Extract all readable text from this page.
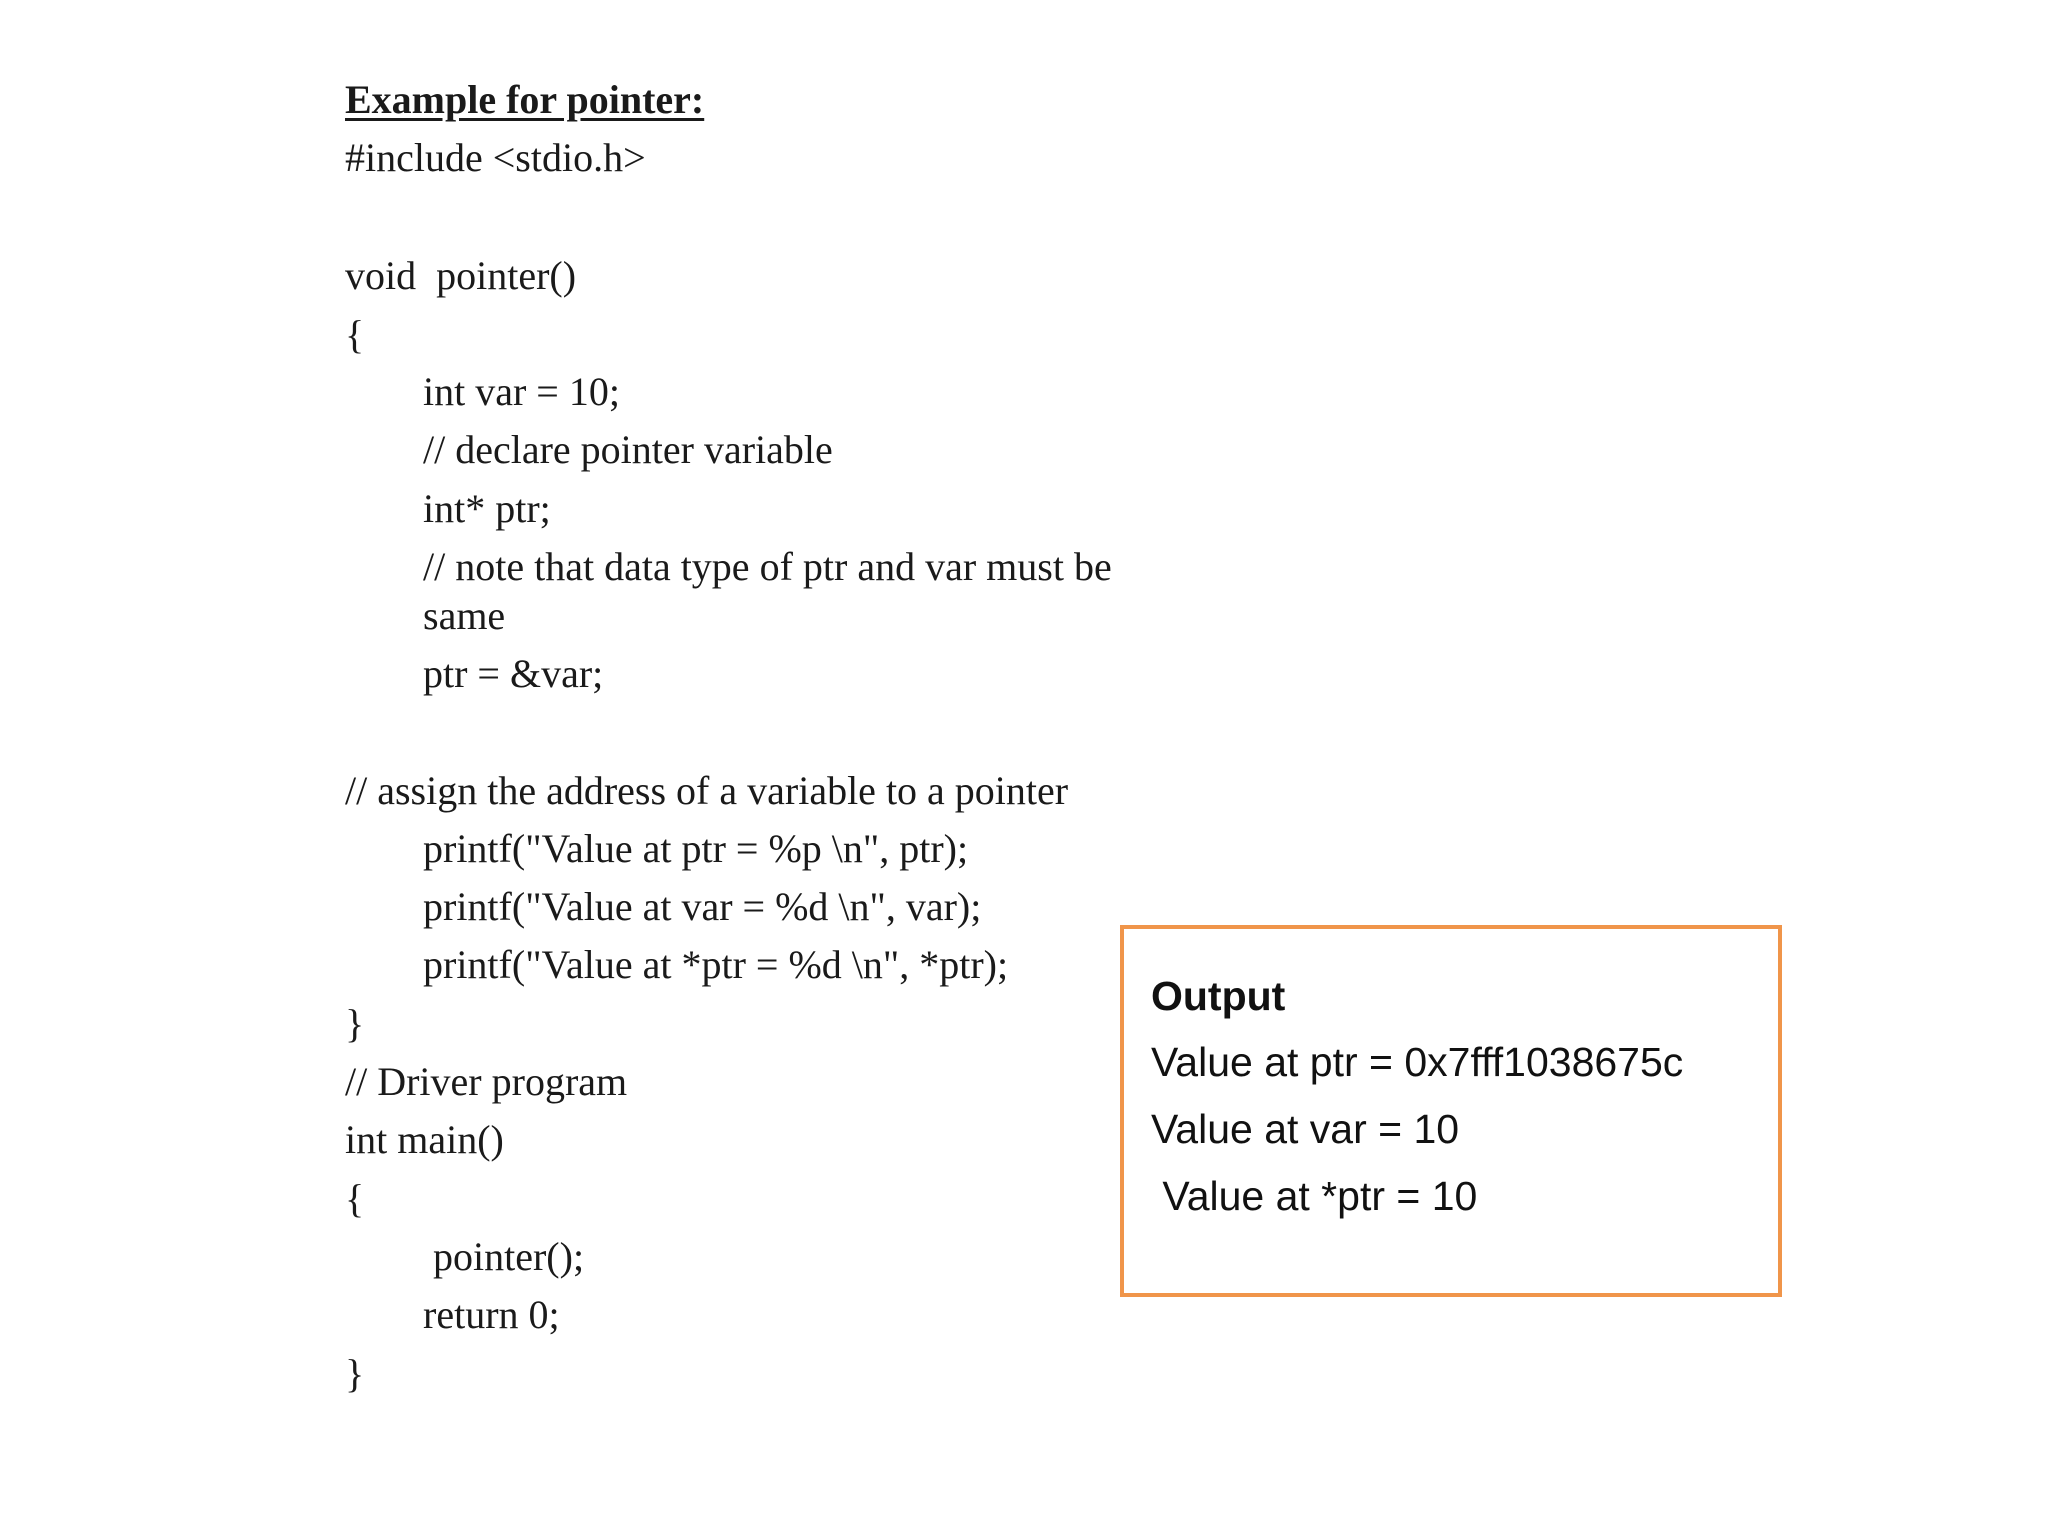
Example for pointer:
#include <stdio.h>
void  pointer()
{
int var = 10;
// declare pointer variable
int* ptr;
// note that data type of ptr and var must be
same
ptr = &var;
// assign the address of a variable to a pointer
printf("Value at ptr = %p \n", ptr);
printf("Value at var = %d \n", var);
printf("Value at *ptr = %d \n", *ptr);
}
// Driver program
int main()
{
pointer();
return 0;
}
Output
Value at ptr = 0x7fff1038675c
Value at var = 10
Value at *ptr = 10
